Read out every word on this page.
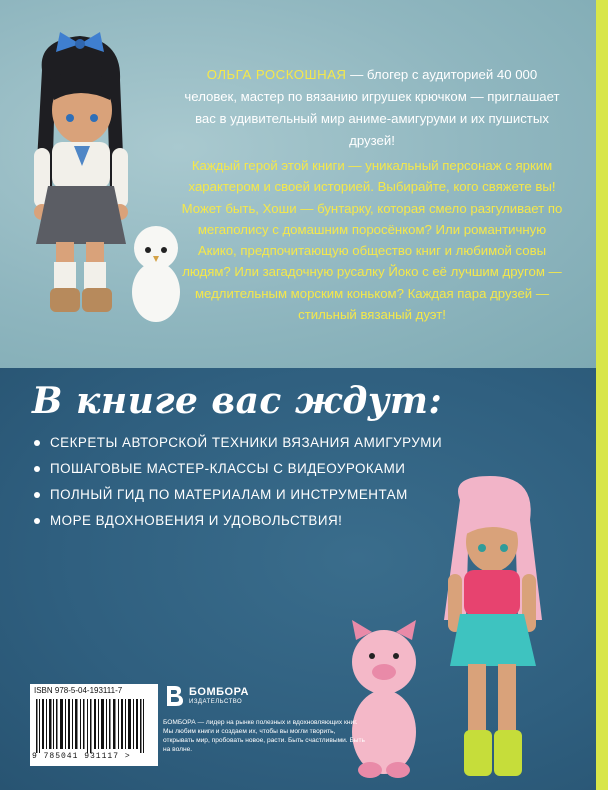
ОЛЬГА РОСКОШНАЯ — блогер с аудиторией 40 000 человек, мастер по вязанию игрушек крючком — приглашает вас в удивительный мир аниме-амигуруми и их пушистых друзей!

Каждый герой этой книги — уникальный персонаж с ярким характером и своей историей. Выбирайте, кого свяжете вы! Может быть, Хоши — бунтарку, которая смело разгуливает по мегаполису с домашним поросёнком? Или романтичную Акико, предпочитающую общество книг и любимой совы людям? Или загадочную русалку Йоко с её лучшим другом — медлительным морским коньком? Каждая пара друзей — стильный вязаный дуэт!

В книге вас ждут:
СЕКРЕТЫ АВТОРСКОЙ ТЕХНИКИ ВЯЗАНИЯ АМИГУРУМИ
ПОШАГОВЫЕ МАСТЕР-КЛАССЫ С ВИДЕОУРОКАМИ
ПОЛНЫЙ ГИД ПО МАТЕРИАЛАМ И ИНСТРУМЕНТАМ
МОРЕ ВДОХНОВЕНИЯ И УДОВОЛЬСТВИЯ!
ISBN 978-5-04-193111-7
9 785041 931117 >
БОМБОРА
ИЗДАТЕЛЬСТВО

БОМБОРА — лидер на рынке полезных и вдохновляющих книг. Мы любим книги и создаем их, чтобы вы могли творить, открывать мир, пробовать новое, расти. Быть счастливыми. Быть на волне.
